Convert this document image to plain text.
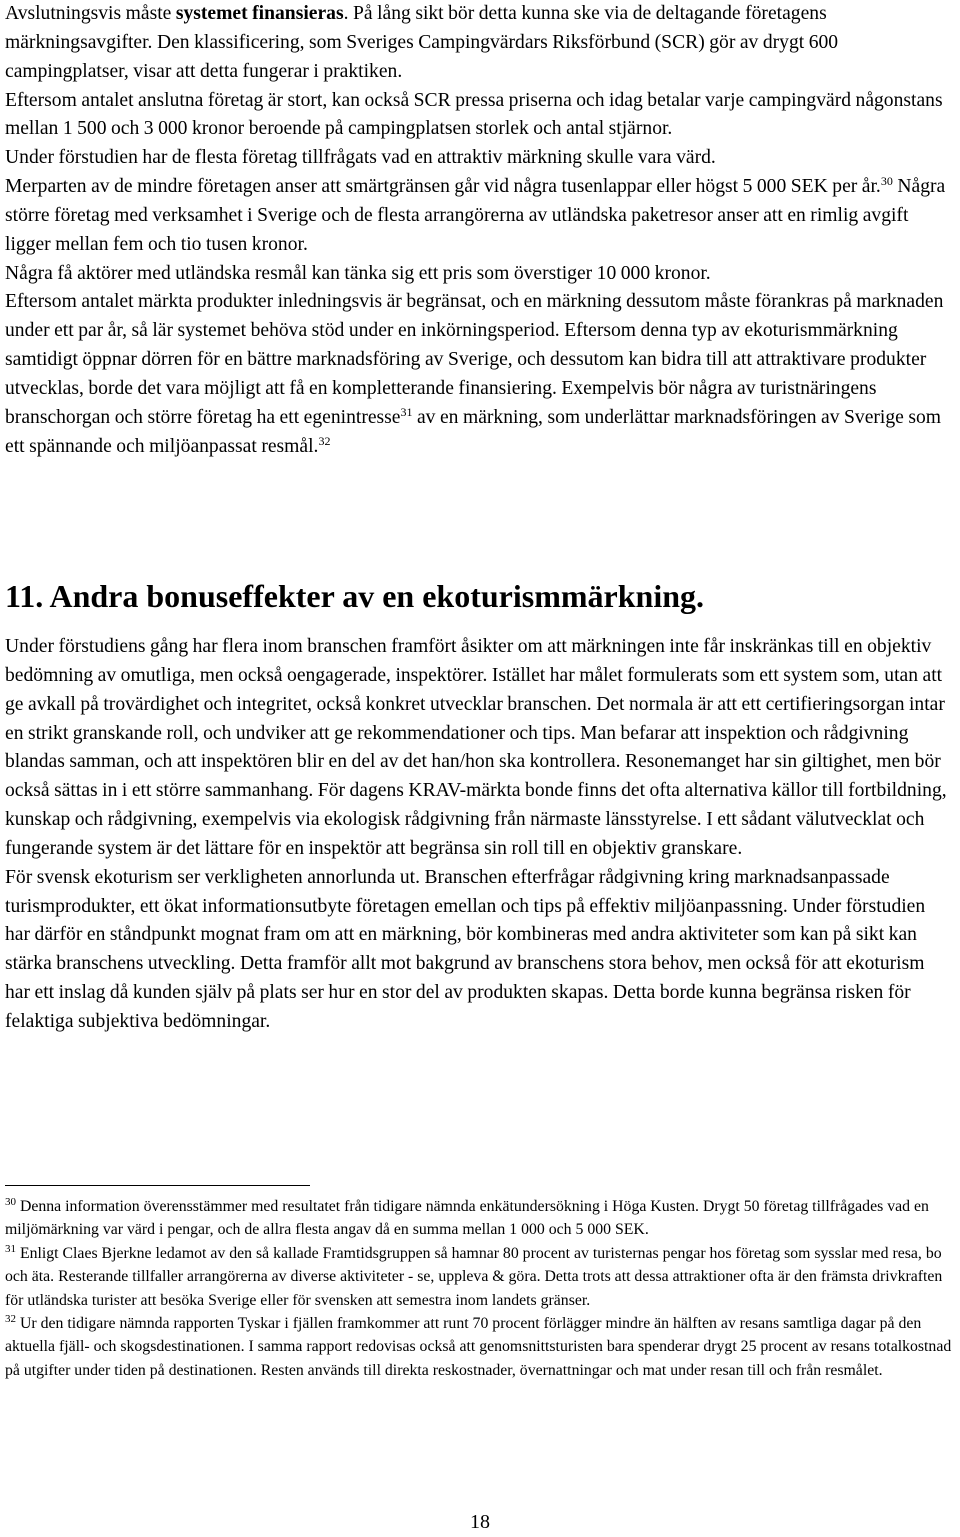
Avslutningsvis måste systemet finansieras. På lång sikt bör detta kunna ske via de deltagande företagens märkningsavgifter. Den klassificering, som Sveriges Campingvärdars Riksförbund (SCR) gör av drygt 600 campingplatser, visar att detta fungerar i praktiken.

Eftersom antalet anslutna företag är stort, kan också SCR pressa priserna och idag betalar varje campingvärd någonstans mellan 1 500 och 3 000 kronor beroende på campingplatsen storlek och antal stjärnor.

Under förstudien har de flesta företag tillfrågats vad en attraktiv märkning skulle vara värd.

Merparten av de mindre företagen anser att smärtgränsen går vid några tusenlappar eller högst 5 000 SEK per år.$^{30}$ Några större företag med verksamhet i Sverige och de flesta arrangörerna av utländska paketresor anser att en rimlig avgift ligger mellan fem och tio tusen kronor.

Några få aktörer med utländska resmål kan tänka sig ett pris som överstiger 10 000 kronor.

Eftersom antalet märkta produkter inledningsvis är begränsat, och en märkning dessutom måste förankras på marknaden under ett par år, så lär systemet behöva stöd under en inkörningsperiod. Eftersom denna typ av ekoturismmärkning samtidigt öppnar dörren för en bättre marknadsföring av Sverige, och dessutom kan bidra till att attraktivare produkter utvecklas, borde det vara möjligt att få en kompletterande finansiering. Exempelvis bör några av turistnäringens branschorgan och större företag ha ett egenintresse$^{31}$ av en märkning, som underlättar marknadsföringen av Sverige som ett spännande och miljöanpassat resmål.$^{32}$

11. Andra bonuseffekter av en ekoturismmärkning.

Under förstudiens gång har flera inom branschen framfört åsikter om att märkningen inte får inskränkas till en objektiv bedömning av omutliga, men också oengagerade, inspektörer. Istället har målet formulerats som ett system som, utan att ge avkall på trovärdighet och integritet, också konkret utvecklar branschen. Det normala är att ett certifieringsorgan intar en strikt granskande roll, och undviker att ge rekommendationer och tips. Man befarar att inspektion och rådgivning blandas samman, och att inspektören blir en del av det han/hon ska kontrollera. Resonemanget har sin giltighet, men bör också sättas in i ett större sammanhang. För dagens KRAV-märkta bonde finns det ofta alternativa källor till fortbildning, kunskap och rådgivning, exempelvis via ekologisk rådgivning från närmaste länsstyrelse. I ett sådant välutvecklat och fungerande system är det lättare för en inspektör att begränsa sin roll till en objektiv granskare.

För svensk ekoturism ser verkligheten annorlunda ut. Branschen efterfrågar rådgivning kring marknadsanpassade turismprodukter, ett ökat informationsutbyte företagen emellan och tips på effektiv miljöanpassning. Under förstudien har därför en ståndpunkt mognat fram om att en märkning, bör kombineras med andra aktiviteter som kan på sikt kan stärka branschens utveckling. Detta framför allt mot bakgrund av branschens stora behov, men också för att ekoturism har ett inslag då kunden själv på plats ser hur en stor del av produkten skapas. Detta borde kunna begränsa risken för felaktiga subjektiva bedömningar.

$^{30}$ Denna information överensstämmer med resultatet från tidigare nämnda enkätundersökning i Höga Kusten. Drygt 50 företag tillfrågades vad en miljömärkning var värd i pengar, och de allra flesta angav då en summa mellan 1 000 och 5 000 SEK.

$^{31}$ Enligt Claes Bjerkne ledamot av den så kallade Framtidsgruppen så hamnar 80 procent av turisternas pengar hos företag som sysslar med resa, bo och äta. Resterande tillfaller arrangörerna av diverse aktiviteter - se, uppleva & göra. Detta trots att dessa attraktioner ofta är den främsta drivkraften för utländska turister att besöka Sverige eller för svensken att semestra inom landets gränser.

$^{32}$ Ur den tidigare nämnda rapporten Tyskar i fjällen framkommer att runt 70 procent förlägger mindre än hälften av resans samtliga dagar på den aktuella fjäll- och skogsdestinationen. I samma rapport redovisas också att genomsnittsturisten bara spenderar drygt 25 procent av resans totalkostnad på utgifter under tiden på destinationen. Resten används till direkta reskostnader, övernattningar och mat under resan till och från resmålet.

18
